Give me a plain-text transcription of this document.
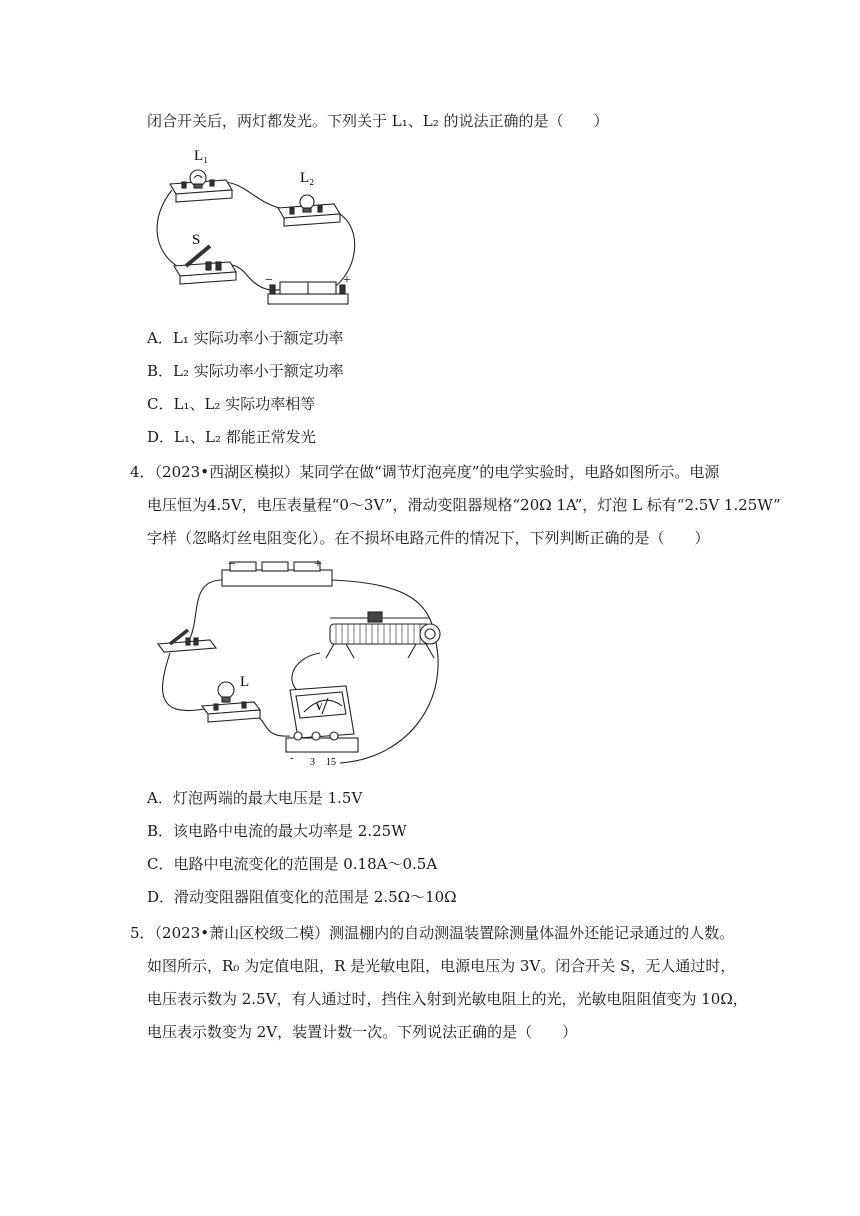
闭合开关后，两灯都发光。下列关于 L₁、L₂ 的说法正确的是（　　）
L₁
L₂
S
−	+
A．L₁ 实际功率小于额定功率
B．L₂ 实际功率小于额定功率
C．L₁、L₂ 实际功率相等
D．L₁、L₂ 都能正常发光
4．（2023•西湖区模拟）某同学在做“调节灯泡亮度”的电学实验时，电路如图所示。电源
电压恒为4.5V，电压表量程“0～3V”，滑动变阻器规格“20Ω 1A”，灯泡 L 标有“2.5V 1.25W”
字样（忽略灯丝电阻变化）。在不损坏电路元件的情况下，下列判断正确的是（　　）
−	+
L
V
- 3 15
A．灯泡两端的最大电压是 1.5V
B．该电路中电流的最大功率是 2.25W
C．电路中电流变化的范围是 0.18A～0.5A
D．滑动变阻器阻值变化的范围是 2.5Ω～10Ω
5．（2023•萧山区校级二模）测温棚内的自动测温装置除测量体温外还能记录通过的人数。
如图所示，R₀ 为定值电阻，R 是光敏电阻，电源电压为 3V。闭合开关 S，无人通过时，
电压表示数为 2.5V，有人通过时，挡住入射到光敏电阻上的光，光敏电阻阻值变为 10Ω，
电压表示数变为 2V，装置计数一次。下列说法正确的是（　　）
